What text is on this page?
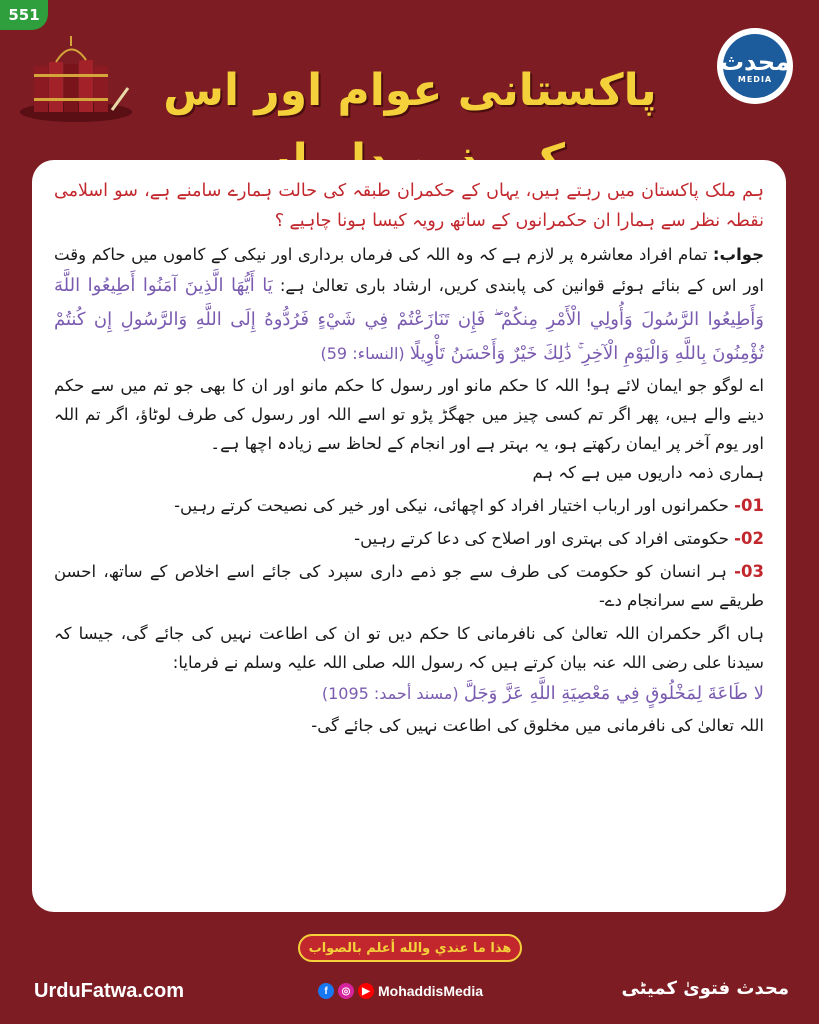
551
پاکستانی عوام اور اس
محدث
MEDIA

ہم ملک پاکستان میں رہتے ہیں، یہاں کے حکمران طبقہ کی حالت ہمارے سامنے ہے، سو اسلامی نقطہ نظر سے ہمارا ان حکمرانوں کے ساتھ رویہ کیسا ہونا چاہیے ؟

جواب: تمام افراد معاشرہ پر لازم ہے کہ وہ اللہ کی فرماں برداری اور نیکی کے کاموں میں حاکم وقت اور اس کے بنائے ہوئے قوانین کی پابندی کریں، ارشاد باری تعالیٰ ہے: يَا أَيُّهَا الَّذِينَ آمَنُوا أَطِيعُوا اللَّهَ وَأَطِيعُوا الرَّسُولَ وَأُولِي الْأَمْرِ مِنكُمْ ۖ فَإِن تَنَازَعْتُمْ فِي شَيْءٍ فَرُدُّوهُ إِلَى اللَّهِ وَالرَّسُولِ إِن كُنتُمْ تُؤْمِنُونَ بِاللَّهِ وَالْيَوْمِ الْآخِرِ ۚ ذَٰلِكَ خَيْرٌ وَأَحْسَنُ تَأْوِيلًا (النساء: 59)

اے لوگو جو ایمان لائے ہو! اللہ کا حکم مانو اور رسول کا حکم مانو اور ان کا بھی جو تم میں سے حکم دینے والے ہیں، پھر اگر تم کسی چیز میں جھگڑ پڑو تو اسے اللہ اور رسول کی طرف لوٹاؤ، اگر تم اللہ اور یوم آخر پر ایمان رکھتے ہو، یہ بہتر ہے اور انجام کے لحاظ سے زیادہ اچھا ہے۔

ہماری ذمہ داریوں میں ہے کہ ہم

01- حکمرانوں اور ارباب اختیار افراد کو اچھائی، نیکی اور خیر کی نصیحت کرتے رہیں-

02- حکومتی افراد کی بہتری اور اصلاح کی دعا کرتے رہیں-

03- ہر انسان کو حکومت کی طرف سے جو ذمے داری سپرد کی جائے اسے اخلاص کے ساتھ، احسن طریقے سے سرانجام دے-

ہاں اگر حکمران اللہ تعالیٰ کی نافرمانی کا حکم دیں تو ان کی اطاعت نہیں کی جائے گی، جیسا کہ سیدنا علی رضی اللہ عنہ بیان کرتے ہیں کہ رسول اللہ صلی اللہ علیہ وسلم نے فرمایا:

لا طَاعَةَ لِمَخْلُوقٍ فِي مَعْصِيَةِ اللَّهِ عَزَّ وَجَلَّ (مسند أحمد: 1095)

اللہ تعالیٰ کی نافرمانی میں مخلوق کی اطاعت نہیں کی جائے گی-

هذا ما عندي والله أعلم بالصواب
UrduFatwa.com	f	◎	▶ MohaddisMedia	محدث فتویٰ کمیٹی
